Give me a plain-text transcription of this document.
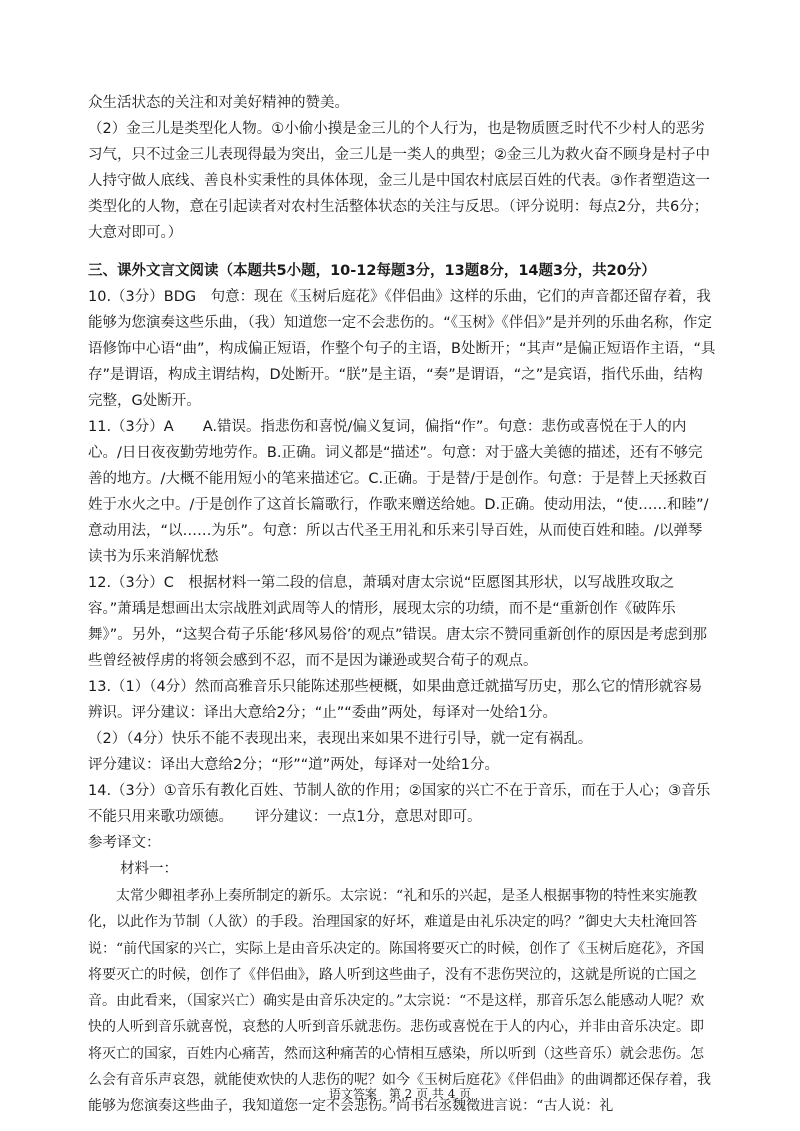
众生活状态的关注和对美好精神的赞美。
（2）金三儿是类型化人物。①小偷小摸是金三儿的个人行为，也是物质匮乏时代不少村人的恶劣习气，只不过金三儿表现得最为突出，金三儿是一类人的典型；②金三儿为救火奋不顾身是村子中人持守做人底线、善良朴实秉性的具体体现，金三儿是中国农村底层百姓的代表。③作者塑造这一类型化的人物，意在引起读者对农村生活整体状态的关注与反思。（评分说明：每点2分，共6分；大意对即可。）
三、课外文言文阅读（本题共5小题，10-12每题3分，13题8分，14题3分，共20分）
10.（3分）BDG　句意：现在《玉树后庭花》《伴侣曲》这样的乐曲，它们的声音都还留存着，我能够为您演奏这些乐曲，（我）知道您一定不会悲伤的。“《玉树》《伴侣》”是并列的乐曲名称，作定语修饰中心语“曲”，构成偏正短语，作整个句子的主语，B处断开；“其声”是偏正短语作主语，“具存”是谓语，构成主谓结构，D处断开。“朕”是主语，“奏”是谓语，“之”是宾语，指代乐曲，结构完整，G处断开。
11.（3分）A　　A.错误。指悲伤和喜悦/偏义复词，偏指“作”。句意：悲伤或喜悦在于人的内心。/日日夜夜勤劳地劳作。B.正确。词义都是“描述”。句意：对于盛大美德的描述，还有不够完善的地方。/大概不能用短小的笔来描述它。C.正确。于是替/于是创作。句意：于是替上天拯救百姓于水火之中。/于是创作了这首长篇歌行，作歌来赠送给她。D.正确。使动用法，“使……和睦”/意动用法，“以……为乐”。句意：所以古代圣王用礼和乐来引导百姓，从而使百姓和睦。/以弹琴读书为乐来消解忧愁
12.（3分）C　根据材料一第二段的信息，萧瑀对唐太宗说“臣愿图其形状，以写战胜攻取之容。”萧瑀是想画出太宗战胜刘武周等人的情形，展现太宗的功绩，而不是“重新创作《破阵乐舞》”。另外，“这契合荀子乐能‘移风易俗’的观点”错误。唐太宗不赞同重新创作的原因是考虑到那些曾经被俘虏的将领会感到不忍，而不是因为谦逊或契合荀子的观点。
13.（1）（4分）然而高雅音乐只能陈述那些梗概，如果曲意迁就描写历史，那么它的情形就容易辨识。评分建议：译出大意给2分；“止”“委曲”两处，每译对一处给1分。
（2）（4分）快乐不能不表现出来，表现出来如果不进行引导，就一定有祸乱。
评分建议：译出大意给2分；“形”“道”两处，每译对一处给1分。
14.（3分）①音乐有教化百姓、节制人欲的作用；②国家的兴亡不在于音乐，而在于人心；③音乐不能只用来歌功颂德。　　评分建议：一点1分，意思对即可。
参考译文：
材料一：
太常少卿祖孝孙上奏所制定的新乐。太宗说：“礼和乐的兴起，是圣人根据事物的特性来实施教化，以此作为节制（人欲）的手段。治理国家的好坏，难道是由礼乐决定的吗？”御史大夫杜淹回答说：“前代国家的兴亡，实际上是由音乐决定的。陈国将要灭亡的时候，创作了《玉树后庭花》，齐国将要灭亡的时候，创作了《伴侣曲》，路人听到这些曲子，没有不悲伤哭泣的，这就是所说的亡国之音。由此看来，（国家兴亡）确实是由音乐决定的。”太宗说：“不是这样，那音乐怎么能感动人呢？欢快的人听到音乐就喜悦，哀愁的人听到音乐就悲伤。悲伤或喜悦在于人的内心，并非由音乐决定。即将灭亡的国家，百姓内心痛苦，然而这种痛苦的心情相互感染，所以听到（这些音乐）就会悲伤。怎么会有音乐声哀怨，就能使欢快的人悲伤的呢？如今《玉树后庭花》《伴侣曲》的曲调都还保存着，我能够为您演奏这些曲子，我知道您一定不会悲伤。”尚书右丞魏徵进言说：“古人说：礼
语文答案　第 2 页 共 4 页
